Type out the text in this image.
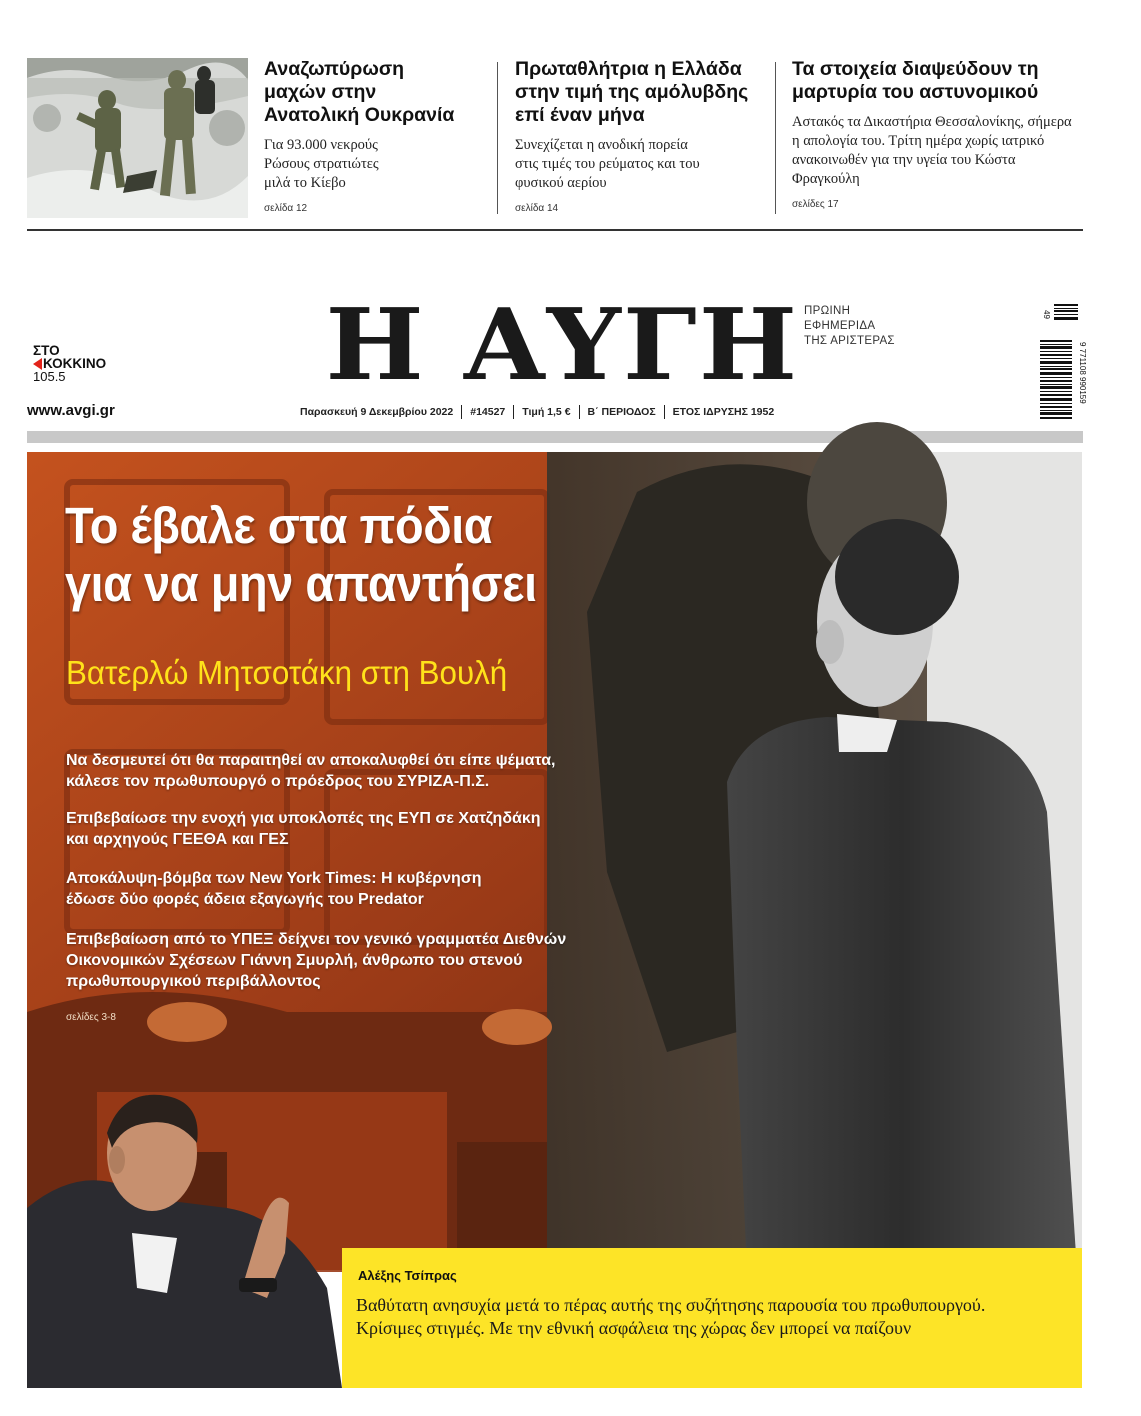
Αναζωπύρωση μαχών στην Ανατολική Ουκρανία
Για 93.000 νεκρούς Ρώσους στρατιώτες μιλά το Κίεβο
σελίδα 12
Πρωταθλήτρια η Ελλάδα στην τιμή της αμόλυβδης επί έναν μήνα
Συνεχίζεται η ανοδική πορεία στις τιμές του ρεύματος και του φυσικού αερίου
σελίδα 14
Τα στοιχεία διαψεύδουν τη μαρτυρία του αστυνομικού
Αστακός τα Δικαστήρια Θεσσαλονίκης, σήμερα η απολογία του. Τρίτη ημέρα χωρίς ιατρικό ανακοινωθέν για την υγεία του Κώστα Φραγκούλη
σελίδες 17
ΣΤΟ
ΚΟΚΚΙΝΟ
105.5
www.avgi.gr
Η ΑΥΓΗ ΠΡΩΙΝΗ
ΕΦΗΜΕΡΙΔΑ
ΤΗΣ ΑΡΙΣΤΕΡΑΣ
Παρασκευή 9 Δεκεμβρίου 2022 #14527 Τιμή 1,5 € Β΄ ΠΕΡΙΟΔΟΣ ΕΤΟΣ ΙΔΡΥΣΗΣ 1952
9 771108 990159
49
Το έβαλε στα πόδια
για να μην απαντήσει
Βατερλώ Μητσοτάκη στη Βουλή
Να δεσμευτεί ότι θα παραιτηθεί αν αποκαλυφθεί ότι είπε ψέματα,
κάλεσε τον πρωθυπουργό ο πρόεδρος του ΣΥΡΙΖΑ-Π.Σ.
Επιβεβαίωσε την ενοχή για υποκλοπές της ΕΥΠ σε Χατζηδάκη
και αρχηγούς ΓΕΕΘΑ και ΓΕΣ
Αποκάλυψη-βόμβα των New York Times: Η κυβέρνηση
έδωσε δύο φορές άδεια εξαγωγής του Predator
Επιβεβαίωση από το ΥΠΕΞ δείχνει τον γενικό γραμματέα Διεθνών
Οικονομικών Σχέσεων Γιάννη Σμυρλή, άνθρωπο του στενού
πρωθυπουργικού περιβάλλοντος
σελίδες 3-8
Αλέξης Τσίπρας
Βαθύτατη ανησυχία μετά το πέρας αυτής της συζήτησης παρουσία του πρωθυπουργού.
Κρίσιμες στιγμές. Με την εθνική ασφάλεια της χώρας δεν μπορεί να παίζουν
